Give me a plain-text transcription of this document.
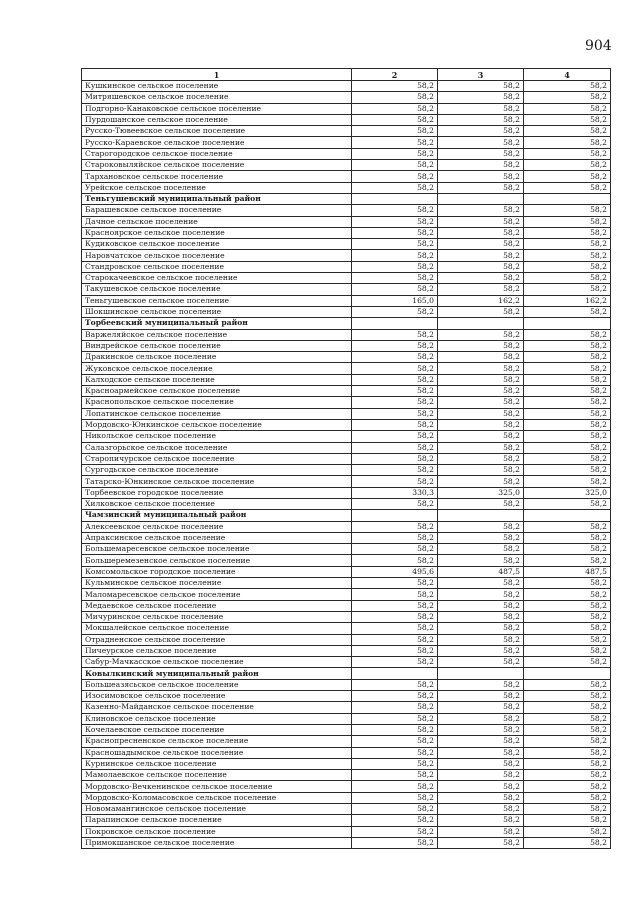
904
1	2	3	4
Кушкинское сельское поселение	58,2	58,2	58,2
Митряшевское сельское поселение	58,2	58,2	58,2
Подгорно-Канаковское сельское поселение	58,2	58,2	58,2
Пурдошанское сельское поселение	58,2	58,2	58,2
Русско-Тювеевское сельское поселение	58,2	58,2	58,2
Русско-Караевское сельское поселение	58,2	58,2	58,2
Старогородское сельское поселение	58,2	58,2	58,2
Староковыляйское сельское поселение	58,2	58,2	58,2
Тархановское сельское поселение	58,2	58,2	58,2
Урейское сельское поселение	58,2	58,2	58,2
Теньгушевский муниципальный район			
Барашевское сельское поселение	58,2	58,2	58,2
Дачное сельское поселение	58,2	58,2	58,2
Красноярское сельское поселение	58,2	58,2	58,2
Кудиковское сельское поселение	58,2	58,2	58,2
Наровчатское сельское поселение	58,2	58,2	58,2
Стандровское сельское поселение	58,2	58,2	58,2
Старокачеевское сельское поселение	58,2	58,2	58,2
Такушевское сельское поселение	58,2	58,2	58,2
Теньгушевское сельское поселение	165,0	162,2	162,2
Шокшинское сельское поселение	58,2	58,2	58,2
Торбеевский муниципальный район			
Варжеляйское сельское поселение	58,2	58,2	58,2
Виндрейское сельское поселение	58,2	58,2	58,2
Дракинское сельское поселение	58,2	58,2	58,2
Жуковское сельское поселение	58,2	58,2	58,2
Калходское сельское поселение	58,2	58,2	58,2
Красноармейское сельское поселение	58,2	58,2	58,2
Краснопольское сельское поселение	58,2	58,2	58,2
Лопатинское сельское поселение	58,2	58,2	58,2
Мордовско-Юнкинское сельское поселение	58,2	58,2	58,2
Никольское сельское поселение	58,2	58,2	58,2
Салазгорьское сельское поселение	58,2	58,2	58,2
Старопичурское сельское поселение	58,2	58,2	58,2
Сургодьское сельское поселение	58,2	58,2	58,2
Татарско-Юнкинское сельское поселение	58,2	58,2	58,2
Торбеевское городское поселение	330,3	325,0	325,0
Хилковское сельское поселение	58,2	58,2	58,2
Чамзинский муниципальный район			
Алексеевское сельское поселение	58,2	58,2	58,2
Апраксинское сельское поселение	58,2	58,2	58,2
Большемаресевское сельское поселение	58,2	58,2	58,2
Большеремезенское сельское поселение	58,2	58,2	58,2
Комсомольское городское поселение	495,6	487,5	487,5
Кульминское сельское поселение	58,2	58,2	58,2
Маломаресевское сельское поселение	58,2	58,2	58,2
Медаевское сельское поселение	58,2	58,2	58,2
Мичуринское сельское поселение	58,2	58,2	58,2
Мокшалейское сельское поселение	58,2	58,2	58,2
Отрадненское сельское поселение	58,2	58,2	58,2
Пичеурское сельское поселение	58,2	58,2	58,2
Сабур-Мачкасское сельское поселение	58,2	58,2	58,2
Ковылкинский муниципальный район			
Большеазясьское сельское поселение	58,2	58,2	58,2
Изосимовское сельское поселение	58,2	58,2	58,2
Казенно-Майданское сельское поселение	58,2	58,2	58,2
Клиновское сельское поселение	58,2	58,2	58,2
Кочелаевское сельское поселение	58,2	58,2	58,2
Краснопресненское сельское поселение	58,2	58,2	58,2
Красношадымское сельское поселение	58,2	58,2	58,2
Курнинское сельское поселение	58,2	58,2	58,2
Мамолаевское сельское поселение	58,2	58,2	58,2
Мордовско-Вечкенинское сельское поселение	58,2	58,2	58,2
Мордовско-Коломасовское сельское поселение	58,2	58,2	58,2
Новомамангинское сельское поселение	58,2	58,2	58,2
Парапинское сельское поселение	58,2	58,2	58,2
Покровское сельское поселение	58,2	58,2	58,2
Примокшанское сельское поселение	58,2	58,2	58,2
